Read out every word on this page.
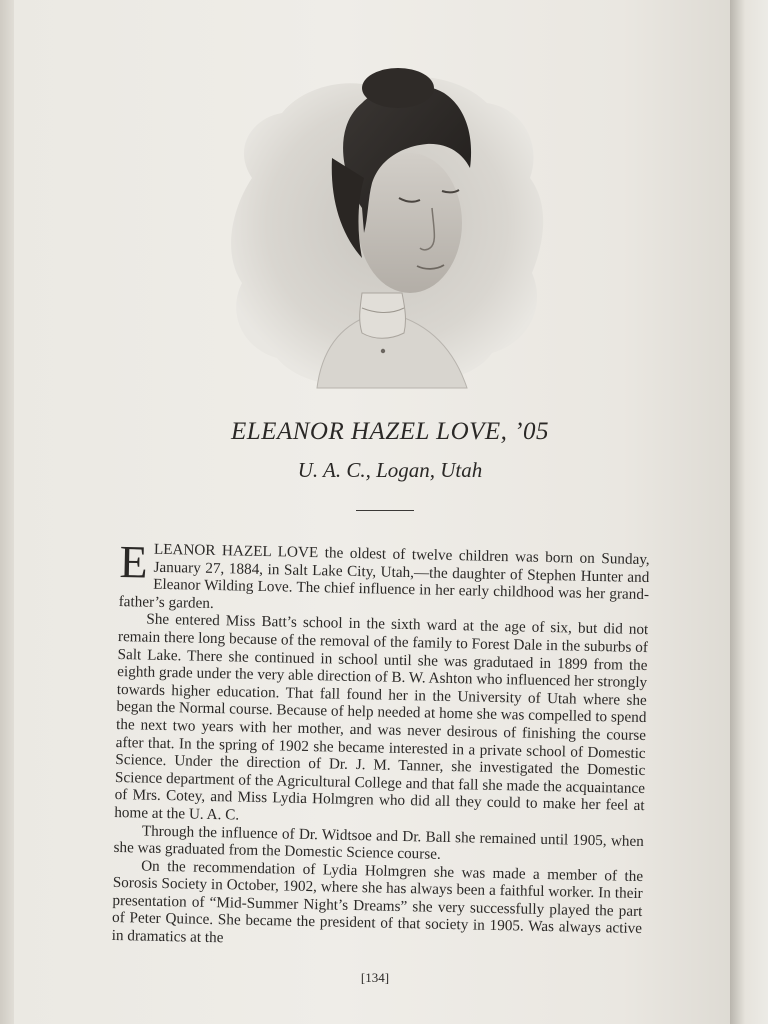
ELEANOR HAZEL LOVE, ’05
U. A. C., Logan, Utah

ELEANOR HAZEL LOVE the oldest of twelve children was born on Sunday, January 27, 1884, in Salt Lake City, Utah,—the daughter of Stephen Hunter and Eleanor Wilding Love. The chief influence in her early childhood was her grand-father’s garden.

She entered Miss Batt’s school in the sixth ward at the age of six, but did not remain there long because of the removal of the family to Forest Dale in the suburbs of Salt Lake. There she continued in school until she was gradutaed in 1899 from the eighth grade under the very able direction of B. W. Ashton who influenced her strongly towards higher education. That fall found her in the University of Utah where she began the Normal course. Because of help needed at home she was compelled to spend the next two years with her mother, and was never desirous of finishing the course after that. In the spring of 1902 she became interested in a private school of Domestic Science. Under the direction of Dr. J. M. Tanner, she investigated the Domestic Science department of the Agricultural College and that fall she made the acquaintance of Mrs. Cotey, and Miss Lydia Holmgren who did all they could to make her feel at home at the U. A. C.

Through the influence of Dr. Widtsoe and Dr. Ball she remained until 1905, when she was graduated from the Domestic Science course.

On the recommendation of Lydia Holmgren she was made a member of the Sorosis Society in October, 1902, where she has always been a faithful worker. In their presentation of “Mid-Summer Night’s Dreams” she very successfully played the part of Peter Quince. She became the president of that society in 1905. Was always active in dramatics at the

[134]
